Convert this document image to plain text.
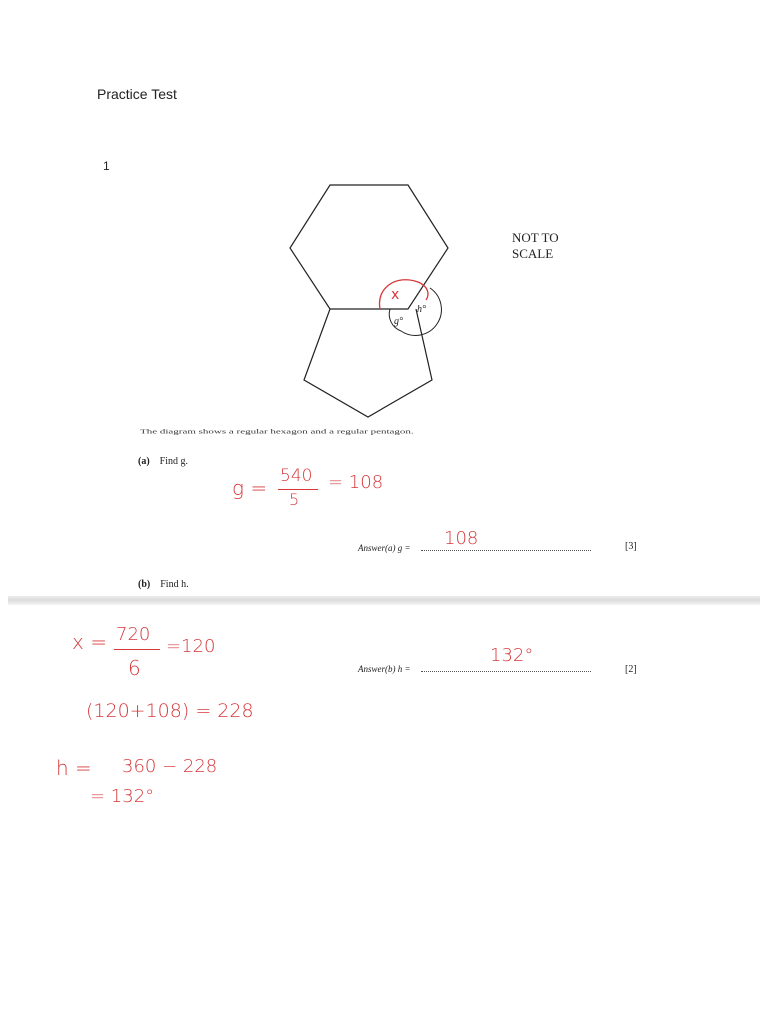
Practice Test
1
x
g°
h°
NOT TO
SCALE
The diagram shows a regular hexagon and a regular pentagon.
(a) Find g.
g = 540
5
= 108
Answer(a) g =	108	[3]
(b) Find h.
x = 720
6
=120
(120+108) = 228
h = 360 − 228
= 132°
Answer(b) h =
132°
[2]
